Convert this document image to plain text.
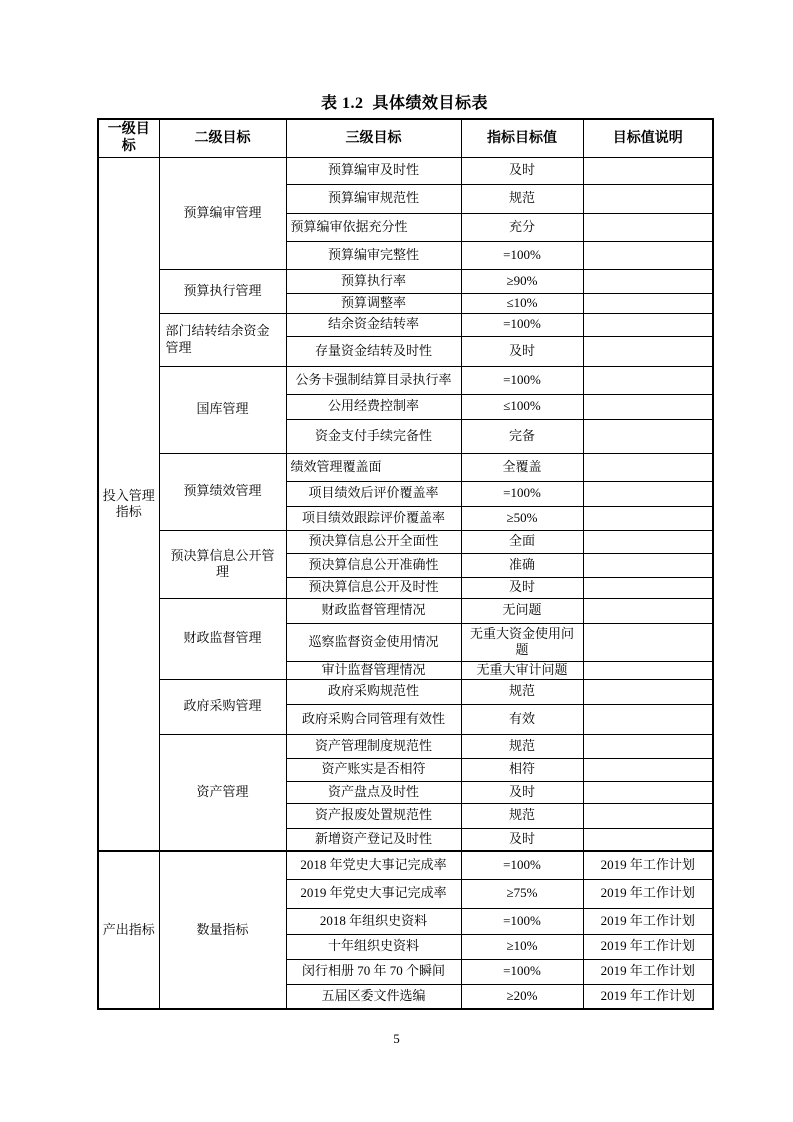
表 1.2  具体绩效目标表
一级目标	二级目标	三级目标	指标目标值	目标值说明
投入管理指标	预算编审管理	预算编审及时性	及时	
		预算编审规范性	规范	
		预算编审依据充分性	充分	
		预算编审完整性	=100%	
	预算执行管理	预算执行率	≥90%	
		预算调整率	≤10%	
	部门结转结余资金管理	结余资金结转率	=100%	
		存量资金结转及时性	及时	
	国库管理	公务卡强制结算目录执行率	=100%	
		公用经费控制率	≤100%	
		资金支付手续完备性	完备	
	预算绩效管理	绩效管理覆盖面	全覆盖	
		项目绩效后评价覆盖率	=100%	
		项目绩效跟踪评价覆盖率	≥50%	
	预决算信息公开管理	预决算信息公开全面性	全面	
		预决算信息公开准确性	准确	
		预决算信息公开及时性	及时	
	财政监督管理	财政监督管理情况	无问题	
		巡察监督资金使用情况	无重大资金使用问题	
		审计监督管理情况	无重大审计问题	
	政府采购管理	政府采购规范性	规范	
		政府采购合同管理有效性	有效	
	资产管理	资产管理制度规范性	规范	
		资产账实是否相符	相符	
		资产盘点及时性	及时	
		资产报废处置规范性	规范	
		新增资产登记及时性	及时	
产出指标	数量指标	2018 年党史大事记完成率	=100%	2019 年工作计划
		2019 年党史大事记完成率	≥75%	2019 年工作计划
		2018 年组织史资料	=100%	2019 年工作计划
		十年组织史资料	≥10%	2019 年工作计划
		闵行相册 70 年 70 个瞬间	=100%	2019 年工作计划
		五届区委文件选编	≥20%	2019 年工作计划
5
